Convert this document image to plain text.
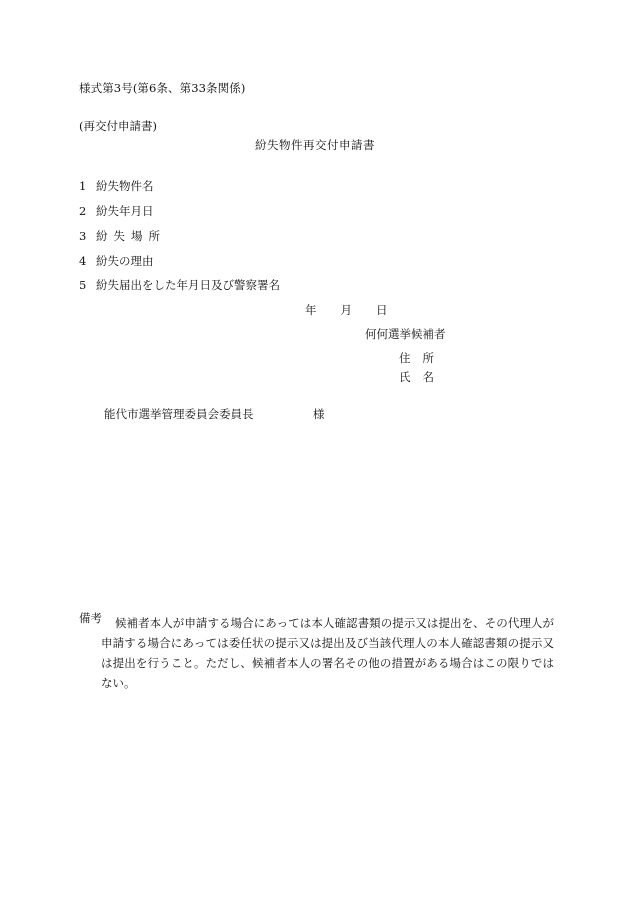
様式第3号(第6条、第33条関係)
(再交付申請書)
紛失物件再交付申請書
1 紛失物件名
2 紛失年月日
3 紛失場所
4 紛失の理由
5 紛失届出をした年月日及び警察署名
年 月 日
何何選挙候補者
住 所
氏 名
能代市選挙管理委員会委員長	様
備考	候補者本人が申請する場合にあっては本人確認書類の提示又は提出を、その代理人が申請する場合にあっては委任状の提示又は提出及び当該代理人の本人確認書類の提示又は提出を行うこと。ただし、候補者本人の署名その他の措置がある場合はこの限りではない。
